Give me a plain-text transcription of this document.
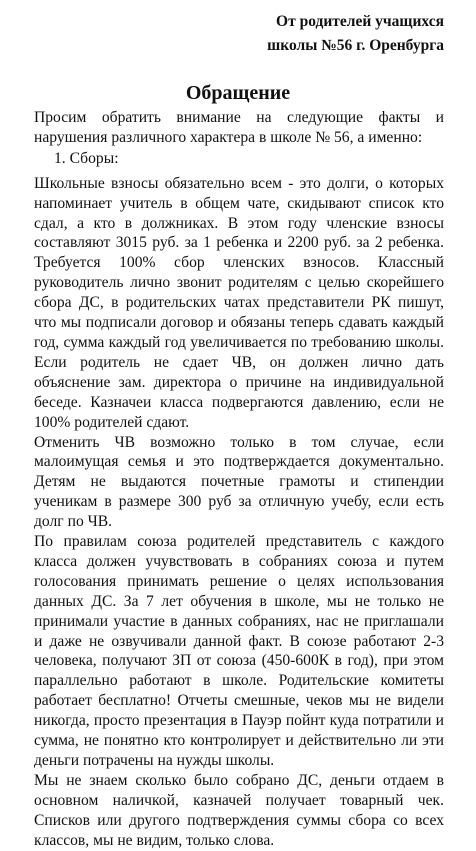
От родителей учащихся
школы №56 г. Оренбурга
Обращение

Просим обратить внимание на следующие факты и нарушения различного характера в школе № 56, а именно:

1. Сборы:

Школьные взносы обязательно всем - это долги, о которых напоминает учитель в общем чате, скидывают список кто сдал, а кто в должниках. В этом году членские взносы составляют 3015 руб. за 1 ребенка и 2200 руб. за 2 ребенка. Требуется 100% сбор членских взносов. Классный руководитель лично звонит родителям с целью скорейшего сбора ДС, в родительских чатах представители РК пишут, что мы подписали договор и обязаны теперь сдавать каждый год, сумма каждый год увеличивается по требованию школы. Если родитель не сдает ЧВ, он должен лично дать объяснение зам. директора о причине на индивидуальной беседе. Казначеи класса подвергаются давлению, если не 100% родителей сдают.

Отменить ЧВ возможно только в том случае, если малоимущая семья и это подтверждается документально. Детям не выдаются почетные грамоты и стипендии ученикам в размере 300 руб за отличную учебу, если есть долг по ЧВ.

По правилам союза родителей представитель с каждого класса должен учувствовать в собраниях союза и путем голосования принимать решение о целях использования данных ДС. За 7 лет обучения в школе, мы не только не принимали участие в данных собраниях, нас не приглашали и даже не озвучивали данной факт. В союзе работают 2-3 человека, получают ЗП от союза (450-600К в год), при этом параллельно работают в школе. Родительские комитеты работает бесплатно! Отчеты смешные, чеков мы не видели никогда, просто презентация в Пауэр пойнт куда потратили и сумма, не понятно кто контролирует и действительно ли эти деньги потрачены на нужды школы.

Мы не знаем сколько было собрано ДС, деньги отдаем в основном наличкой, казначей получает товарный чек. Списков или другого подтверждения суммы сбора со всех классов, мы не видим, только слова.
